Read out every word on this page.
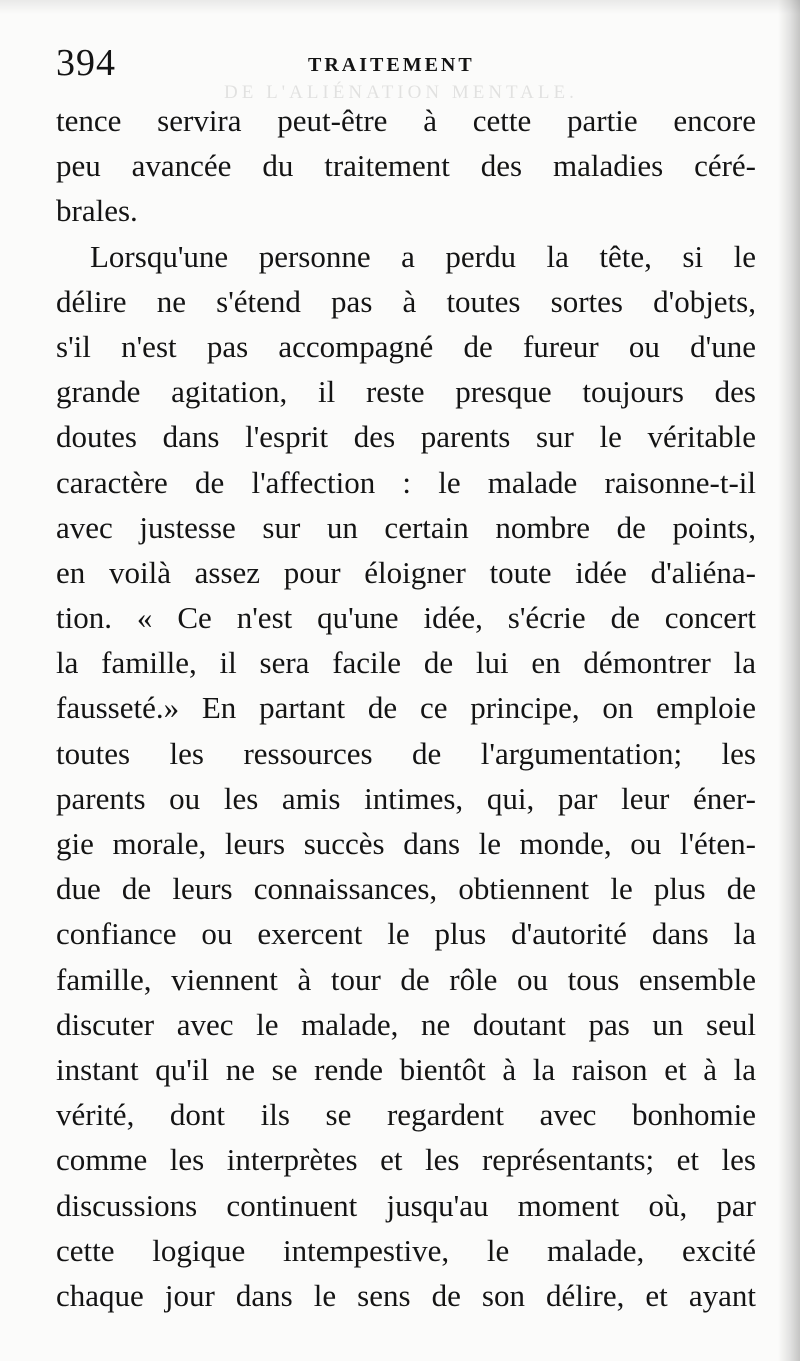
394	TRAITEMENT
DE L'ALIÉNATION MENTALE.
tence servira peut-être à cette partie encore
peu avancée du traitement des maladies céré-
brales.
Lorsqu'une personne a perdu la tête, si le
délire ne s'étend pas à toutes sortes d'objets,
s'il n'est pas accompagné de fureur ou d'une
grande agitation, il reste presque toujours des
doutes dans l'esprit des parents sur le véritable
caractère de l'affection : le malade raisonne-t-il
avec justesse sur un certain nombre de points,
en voilà assez pour éloigner toute idée d'aliéna-
tion. « Ce n'est qu'une idée, s'écrie de concert
la famille, il sera facile de lui en démontrer la
fausseté.» En partant de ce principe, on emploie
toutes les ressources de l'argumentation; les
parents ou les amis intimes, qui, par leur éner-
gie morale, leurs succès dans le monde, ou l'éten-
due de leurs connaissances, obtiennent le plus de
confiance ou exercent le plus d'autorité dans la
famille, viennent à tour de rôle ou tous ensemble
discuter avec le malade, ne doutant pas un seul
instant qu'il ne se rende bientôt à la raison et à la
vérité, dont ils se regardent avec bonhomie
comme les interprètes et les représentants; et les
discussions continuent jusqu'au moment où, par
cette logique intempestive, le malade, excité
chaque jour dans le sens de son délire, et ayant
